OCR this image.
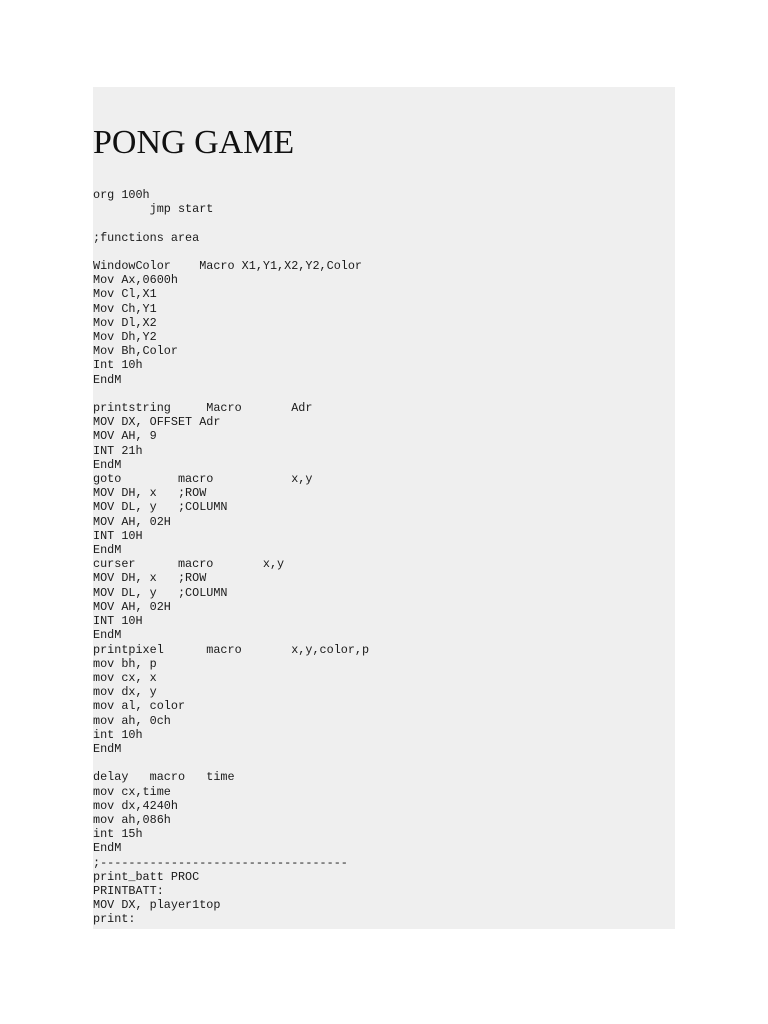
PONG GAME
org 100h
jmp start

;functions area

WindowColor    Macro X1,Y1,X2,Y2,Color
Mov Ax,0600h
Mov Cl,X1
Mov Ch,Y1
Mov Dl,X2
Mov Dh,Y2
Mov Bh,Color
Int 10h
EndM

printstring     Macro       Adr
MOV DX, OFFSET Adr
MOV AH, 9
INT 21h
EndM
goto        macro           x,y
MOV DH, x   ;ROW
MOV DL, y   ;COLUMN
MOV AH, 02H
INT 10H
EndM
curser      macro       x,y
MOV DH, x   ;ROW
MOV DL, y   ;COLUMN
MOV AH, 02H
INT 10H
EndM
printpixel      macro       x,y,color,p
mov bh, p
mov cx, x
mov dx, y
mov al, color
mov ah, 0ch
int 10h
EndM

delay   macro   time
mov cx,time
mov dx,4240h
mov ah,086h
int 15h
EndM
;-----------------------------------
print_batt PROC
PRINTBATT:
MOV DX, player1top
print:
